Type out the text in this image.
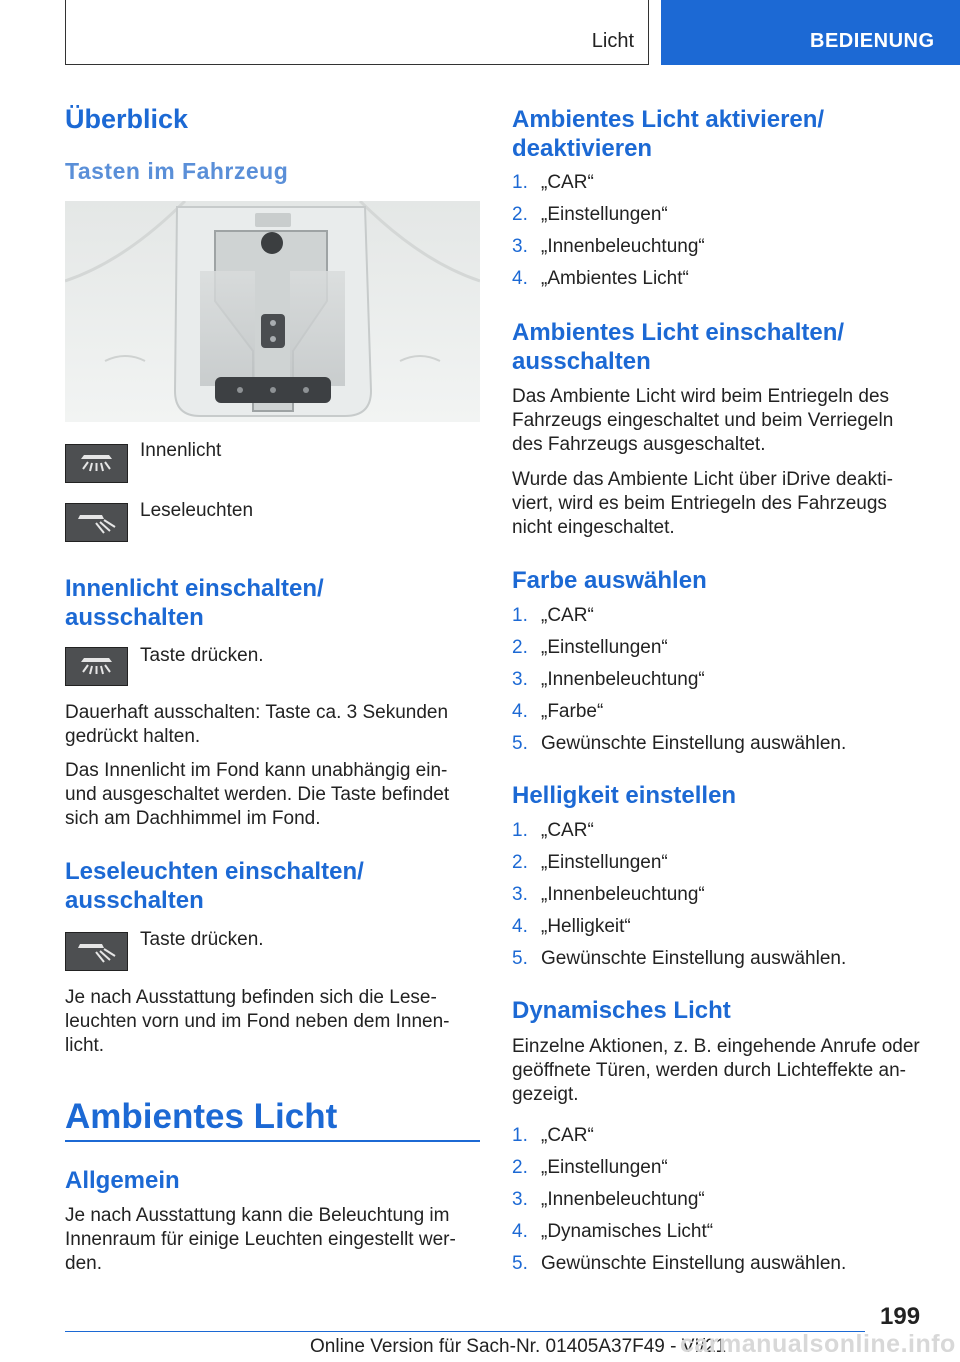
Licht	BEDIENUNG
Überblick
Tasten im Fahrzeug
Innenlicht
Leseleuchten
Innenlicht einschalten/
ausschalten
Taste drücken.
Dauerhaft ausschalten: Taste ca. 3 Sekunden gedrückt halten.
Das Innenlicht im Fond kann unabhängig ein- und ausgeschaltet werden. Die Taste befindet sich am Dachhimmel im Fond.
Leseleuchten einschalten/
ausschalten
Taste drücken.
Je nach Ausstattung befinden sich die Lese-leuchten vorn und im Fond neben dem Innen-licht.
Ambientes Licht
Allgemein
Je nach Ausstattung kann die Beleuchtung im Innenraum für einige Leuchten eingestellt wer-den.
Ambientes Licht aktivieren/
deaktivieren
1. „CAR“
2. „Einstellungen“
3. „Innenbeleuchtung“
4. „Ambientes Licht“
Ambientes Licht einschalten/
ausschalten
Das Ambiente Licht wird beim Entriegeln des Fahrzeugs eingeschaltet und beim Verriegeln des Fahrzeugs ausgeschaltet.
Wurde das Ambiente Licht über iDrive deakti-viert, wird es beim Entriegeln des Fahrzeugs nicht eingeschaltet.
Farbe auswählen
1. „CAR“
2. „Einstellungen“
3. „Innenbeleuchtung“
4. „Farbe“
5. Gewünschte Einstellung auswählen.
Helligkeit einstellen
1. „CAR“
2. „Einstellungen“
3. „Innenbeleuchtung“
4. „Helligkeit“
5. Gewünschte Einstellung auswählen.
Dynamisches Licht
Einzelne Aktionen, z. B. eingehende Anrufe oder geöffnete Türen, werden durch Lichteffekte an-gezeigt.
1. „CAR“
2. „Einstellungen“
3. „Innenbeleuchtung“
4. „Dynamisches Licht“
5. Gewünschte Einstellung auswählen.
199
Online Version für Sach-Nr. 01405A37F49 - VI/21
carmanualsonline.info
